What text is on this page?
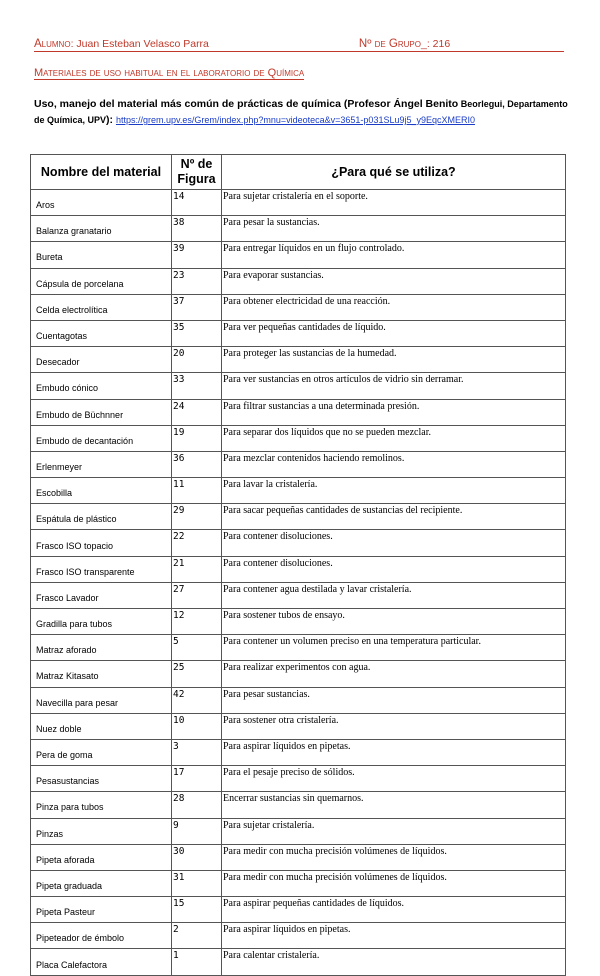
Alumno: Juan Esteban Velasco Parra	Nº de Grupo_: 216
Materiales de uso habitual en el laboratorio de Química
Uso, manejo del material más común de prácticas de química (Profesor Ángel Benito Beorlegui, Departamento de Química, UPV): https://grem.upv.es/Grem/index.php?mnu=videoteca&v=3651-p031SLu9j5_y9EqcXMERI0
Nombre del material	Nº de Figura	¿Para qué se utiliza?
Aros	14	Para sujetar cristalería en el soporte.
Balanza granatario	38	Para pesar la sustancias.
Bureta	39	Para entregar líquidos en un flujo controlado.
Cápsula de porcelana	23	Para evaporar sustancias.
Celda electrolítica	37	Para obtener electricidad de una reacción.
Cuentagotas	35	Para ver pequeñas cantidades de líquido.
Desecador	20	Para proteger las sustancias de la humedad.
Embudo cónico	33	Para ver sustancias en otros artículos de vidrio sin derramar.
Embudo de Büchnner	24	Para filtrar sustancias a una determinada presión.
Embudo de decantación	19	Para separar dos líquidos que no se pueden mezclar.
Erlenmeyer	36	Para mezclar contenidos haciendo remolinos.
Escobilla	11	Para lavar la cristalería.
Espátula de plástico	29	Para sacar pequeñas cantidades de sustancias del recipiente.
Frasco ISO topacio	22	Para contener disoluciones.
Frasco ISO transparente	21	Para contener disoluciones.
Frasco Lavador	27	Para contener agua destilada y lavar cristalería.
Gradilla para tubos	12	Para sostener tubos de ensayo.
Matraz aforado	5	Para contener un volumen preciso en una temperatura particular.
Matraz Kitasato	25	Para realizar experimentos con agua.
Navecilla para pesar	42	Para pesar sustancias.
Nuez doble	10	Para sostener otra cristalería.
Pera de goma	3	Para aspirar líquidos en pipetas.
Pesasustancias	17	Para el pesaje preciso de sólidos.
Pinza para tubos	28	Encerrar sustancias sin quemarnos.
Pinzas	9	Para sujetar cristalería.
Pipeta aforada	30	Para medir con mucha precisión volúmenes de líquidos.
Pipeta graduada	31	Para medir con mucha precisión volúmenes de líquidos.
Pipeta Pasteur	15	Para aspirar pequeñas cantidades de líquidos.
Pipeteador de émbolo	2	Para aspirar líquidos en pipetas.
Placa Calefactora	1	Para calentar cristalería.
